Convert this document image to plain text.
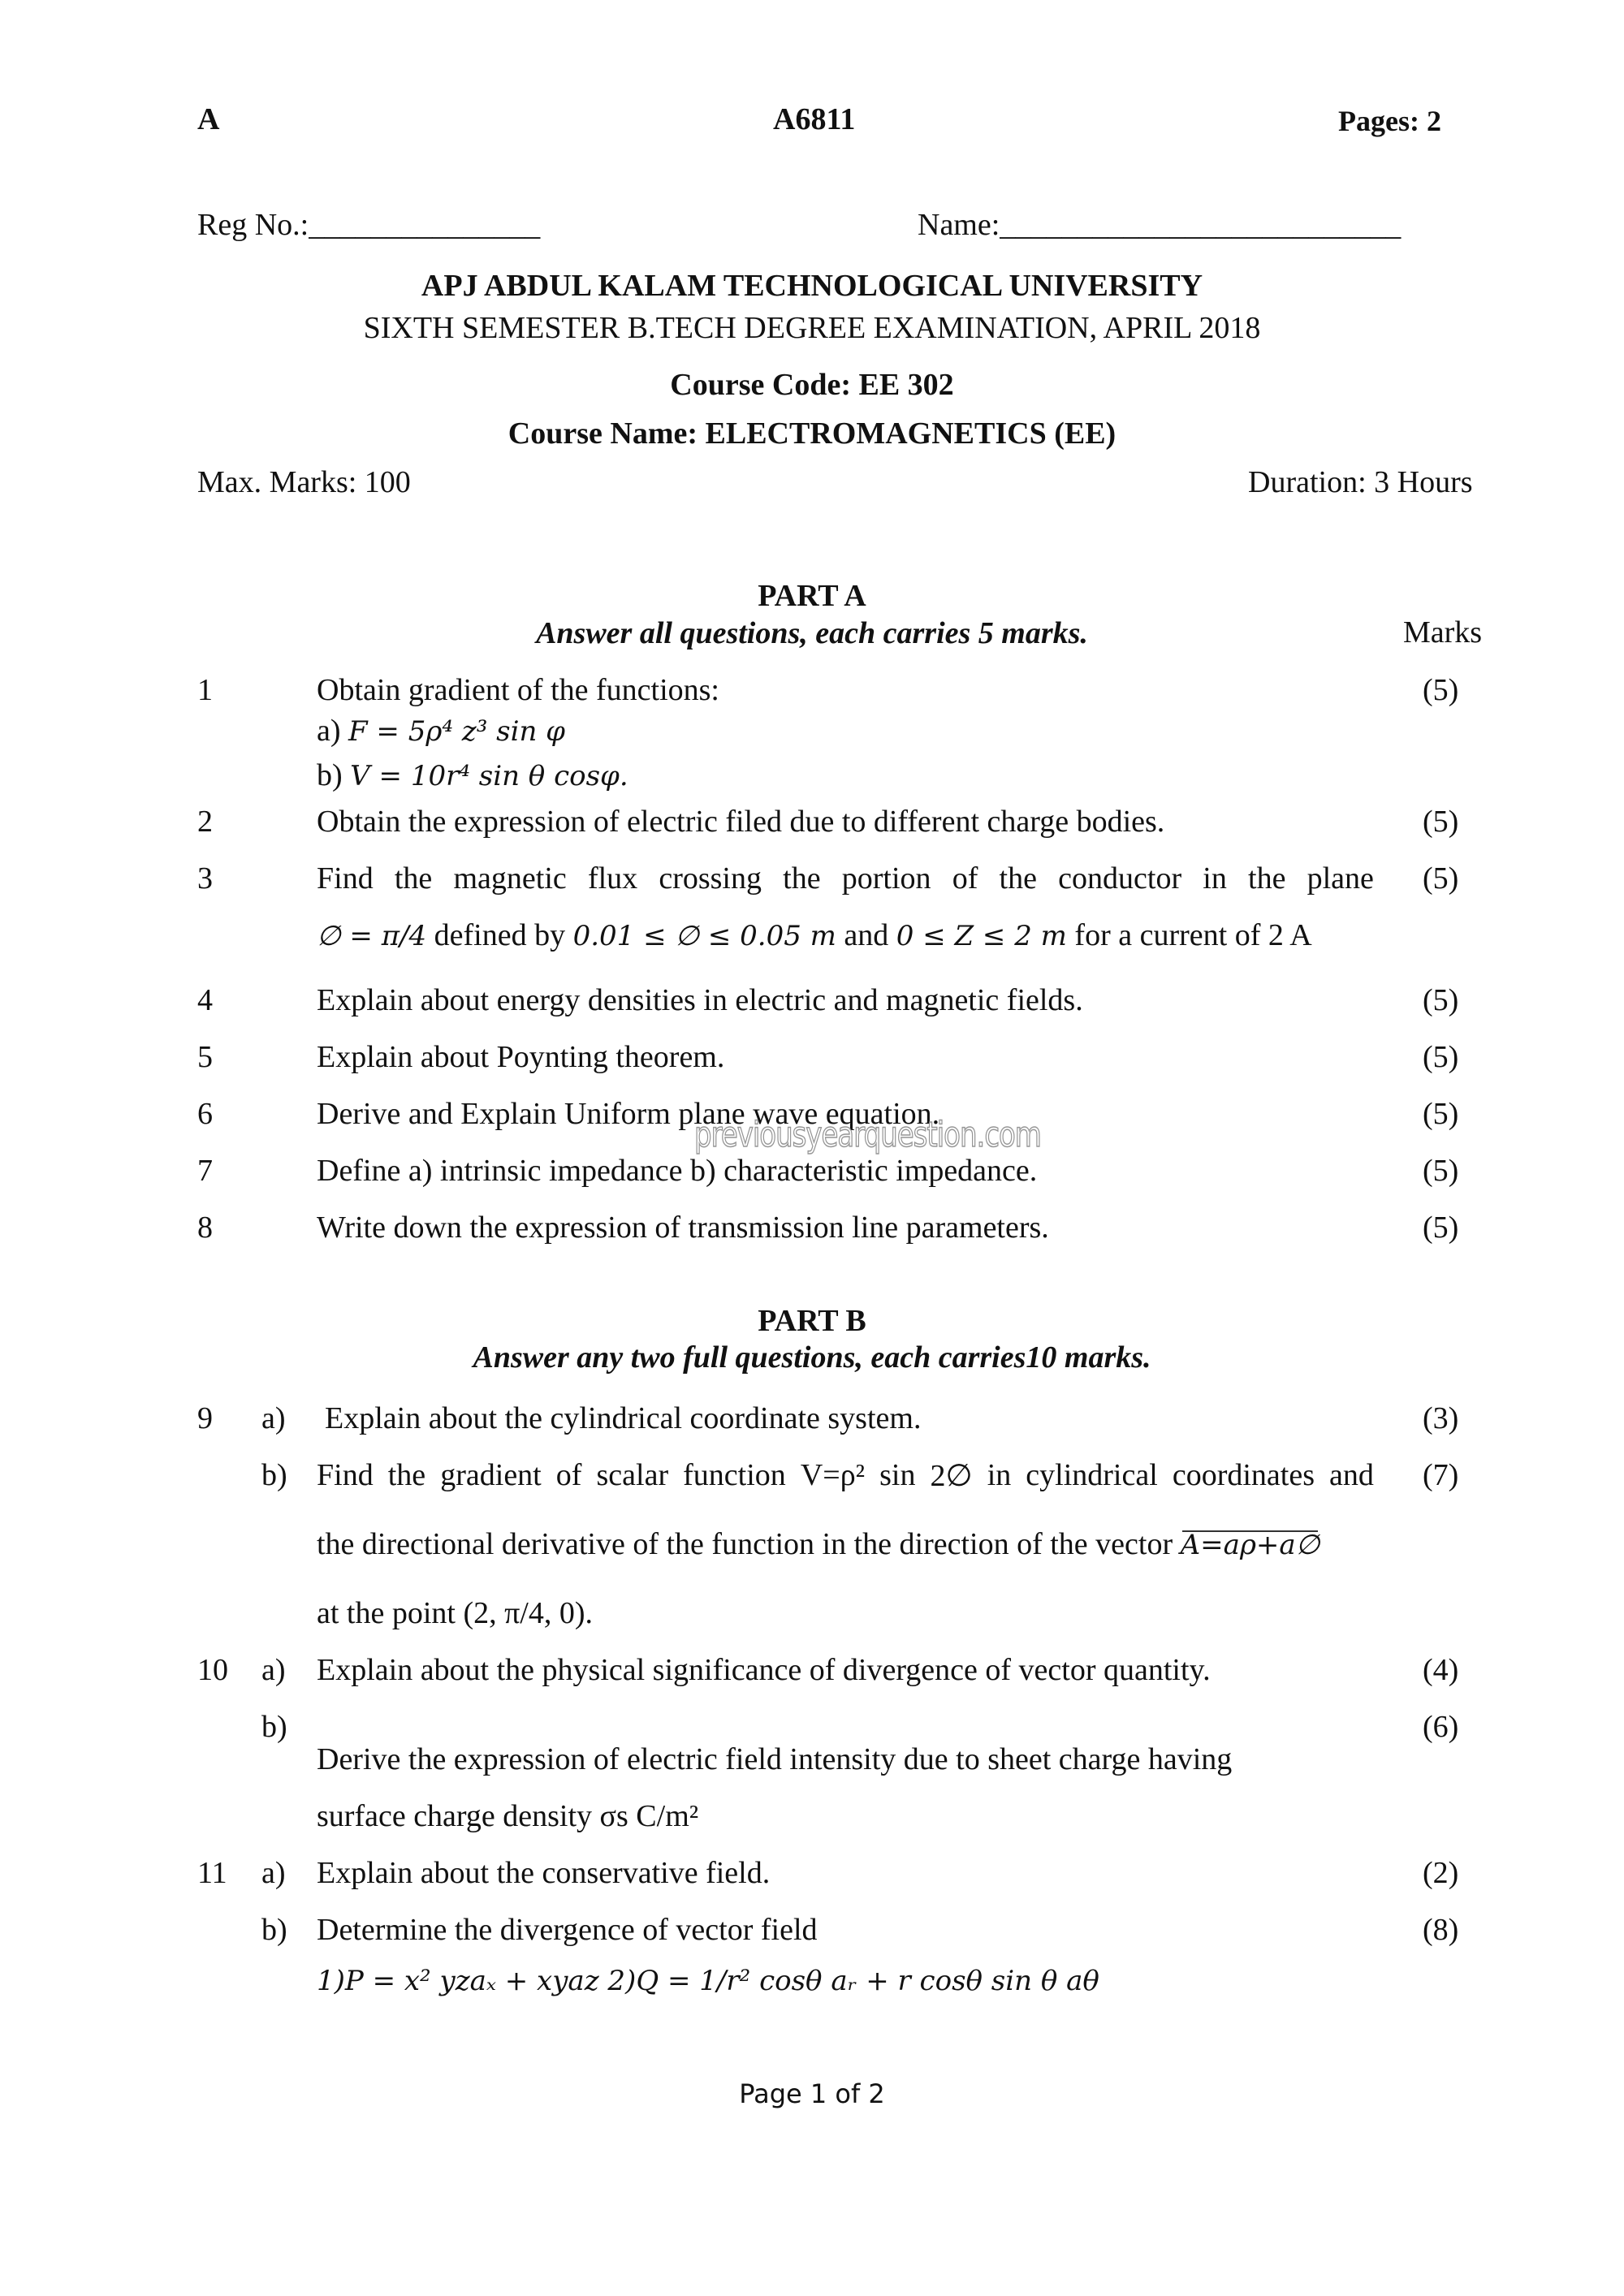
A	A6811	Pages: 2
Reg No.:_______________	Name:__________________________
APJ ABDUL KALAM TECHNOLOGICAL UNIVERSITY
SIXTH SEMESTER B.TECH DEGREE EXAMINATION, APRIL 2018
Course Code: EE 302
Course Name: ELECTROMAGNETICS (EE)
Max. Marks: 100	Duration: 3 Hours
PART A
Answer all questions, each carries 5 marks.	Marks
1	Obtain gradient of the functions:	(5)
a) F = 5ρ⁴ z³ sin φ
b) V = 10r⁴ sin θ cosφ.
2	Obtain the expression of electric filed due to different charge bodies.	(5)
3	Find the magnetic flux crossing the portion of the conductor in the plane (5)
∅ = π/4 defined by 0.01 ≤ ∅ ≤ 0.05 m and 0 ≤ Z ≤ 2 m for a current of 2 A
4	Explain about energy densities in electric and magnetic fields.	(5)
5	Explain about Poynting theorem.	(5)
6	Derive and Explain Uniform plane wave equation.	(5)
7	Define a) intrinsic impedance b) characteristic impedance.	(5)
8	Write down the expression of transmission line parameters.	(5)
previousyearquestion.com
PART B
Answer any two full questions, each carries10 marks.
9 a) Explain about the cylindrical coordinate system.	(3)
b) Find the gradient of scalar function V=ρ² sin 2∅ in cylindrical coordinates and (7)
the directional derivative of the function in the direction of the vector A=aρ+a∅
at the point (2, π/4, 0).
10 a) Explain about the physical significance of divergence of vector quantity.	(4)
b)	(6)
Derive the expression of electric field intensity due to sheet charge having
surface charge density σs C/m²
11 a) Explain about the conservative field.	(2)
b) Determine the divergence of vector field	(8)
1)P = x² yzaₓ + xyaz 2)Q = 1/r² cosθ aᵣ + r cosθ sin θ aθ
Page 1 of 2
